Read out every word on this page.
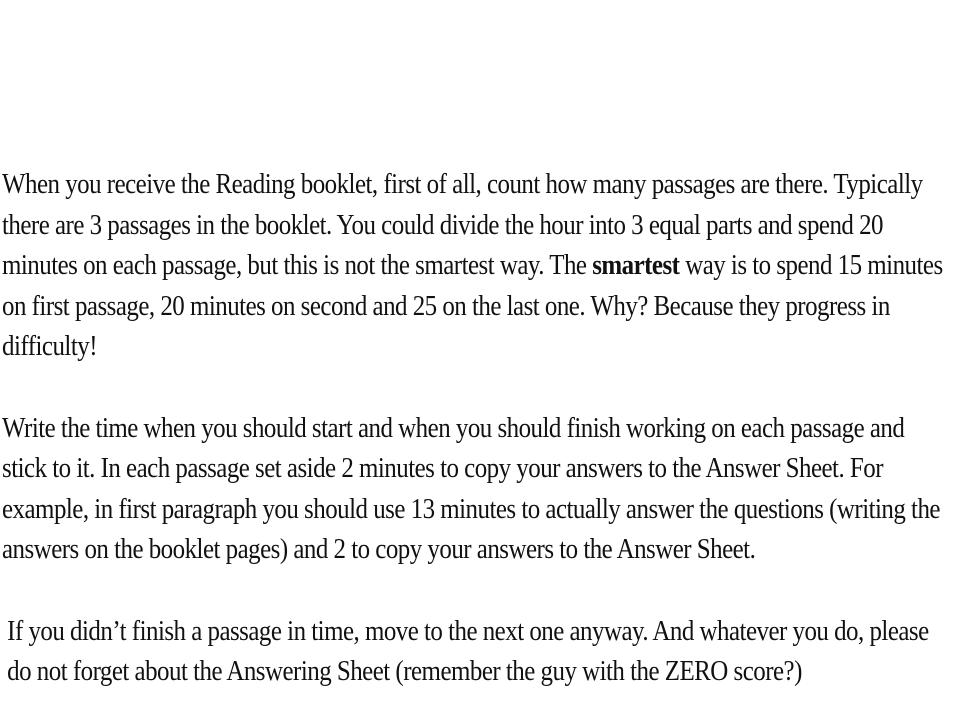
When you receive the Reading booklet, first of all, count how many passages are there. Typically there are 3 passages in the booklet. You could divide the hour into 3 equal parts and spend 20 minutes on each passage, but this is not the smartest way. The smartest way is to spend 15 minutes on first passage, 20 minutes on second and 25 on the last one. Why? Because they progress in difficulty!

Write the time when you should start and when you should finish working on each passage and stick to it. In each passage set aside 2 minutes to copy your answers to the Answer Sheet. For example, in first paragraph you should use 13 minutes to actually answer the questions (writing the answers on the booklet pages) and 2 to copy your answers to the Answer Sheet.

If you didn’t finish a passage in time, move to the next one anyway. And whatever you do, please do not forget about the Answering Sheet (remember the guy with the ZERO score?)
